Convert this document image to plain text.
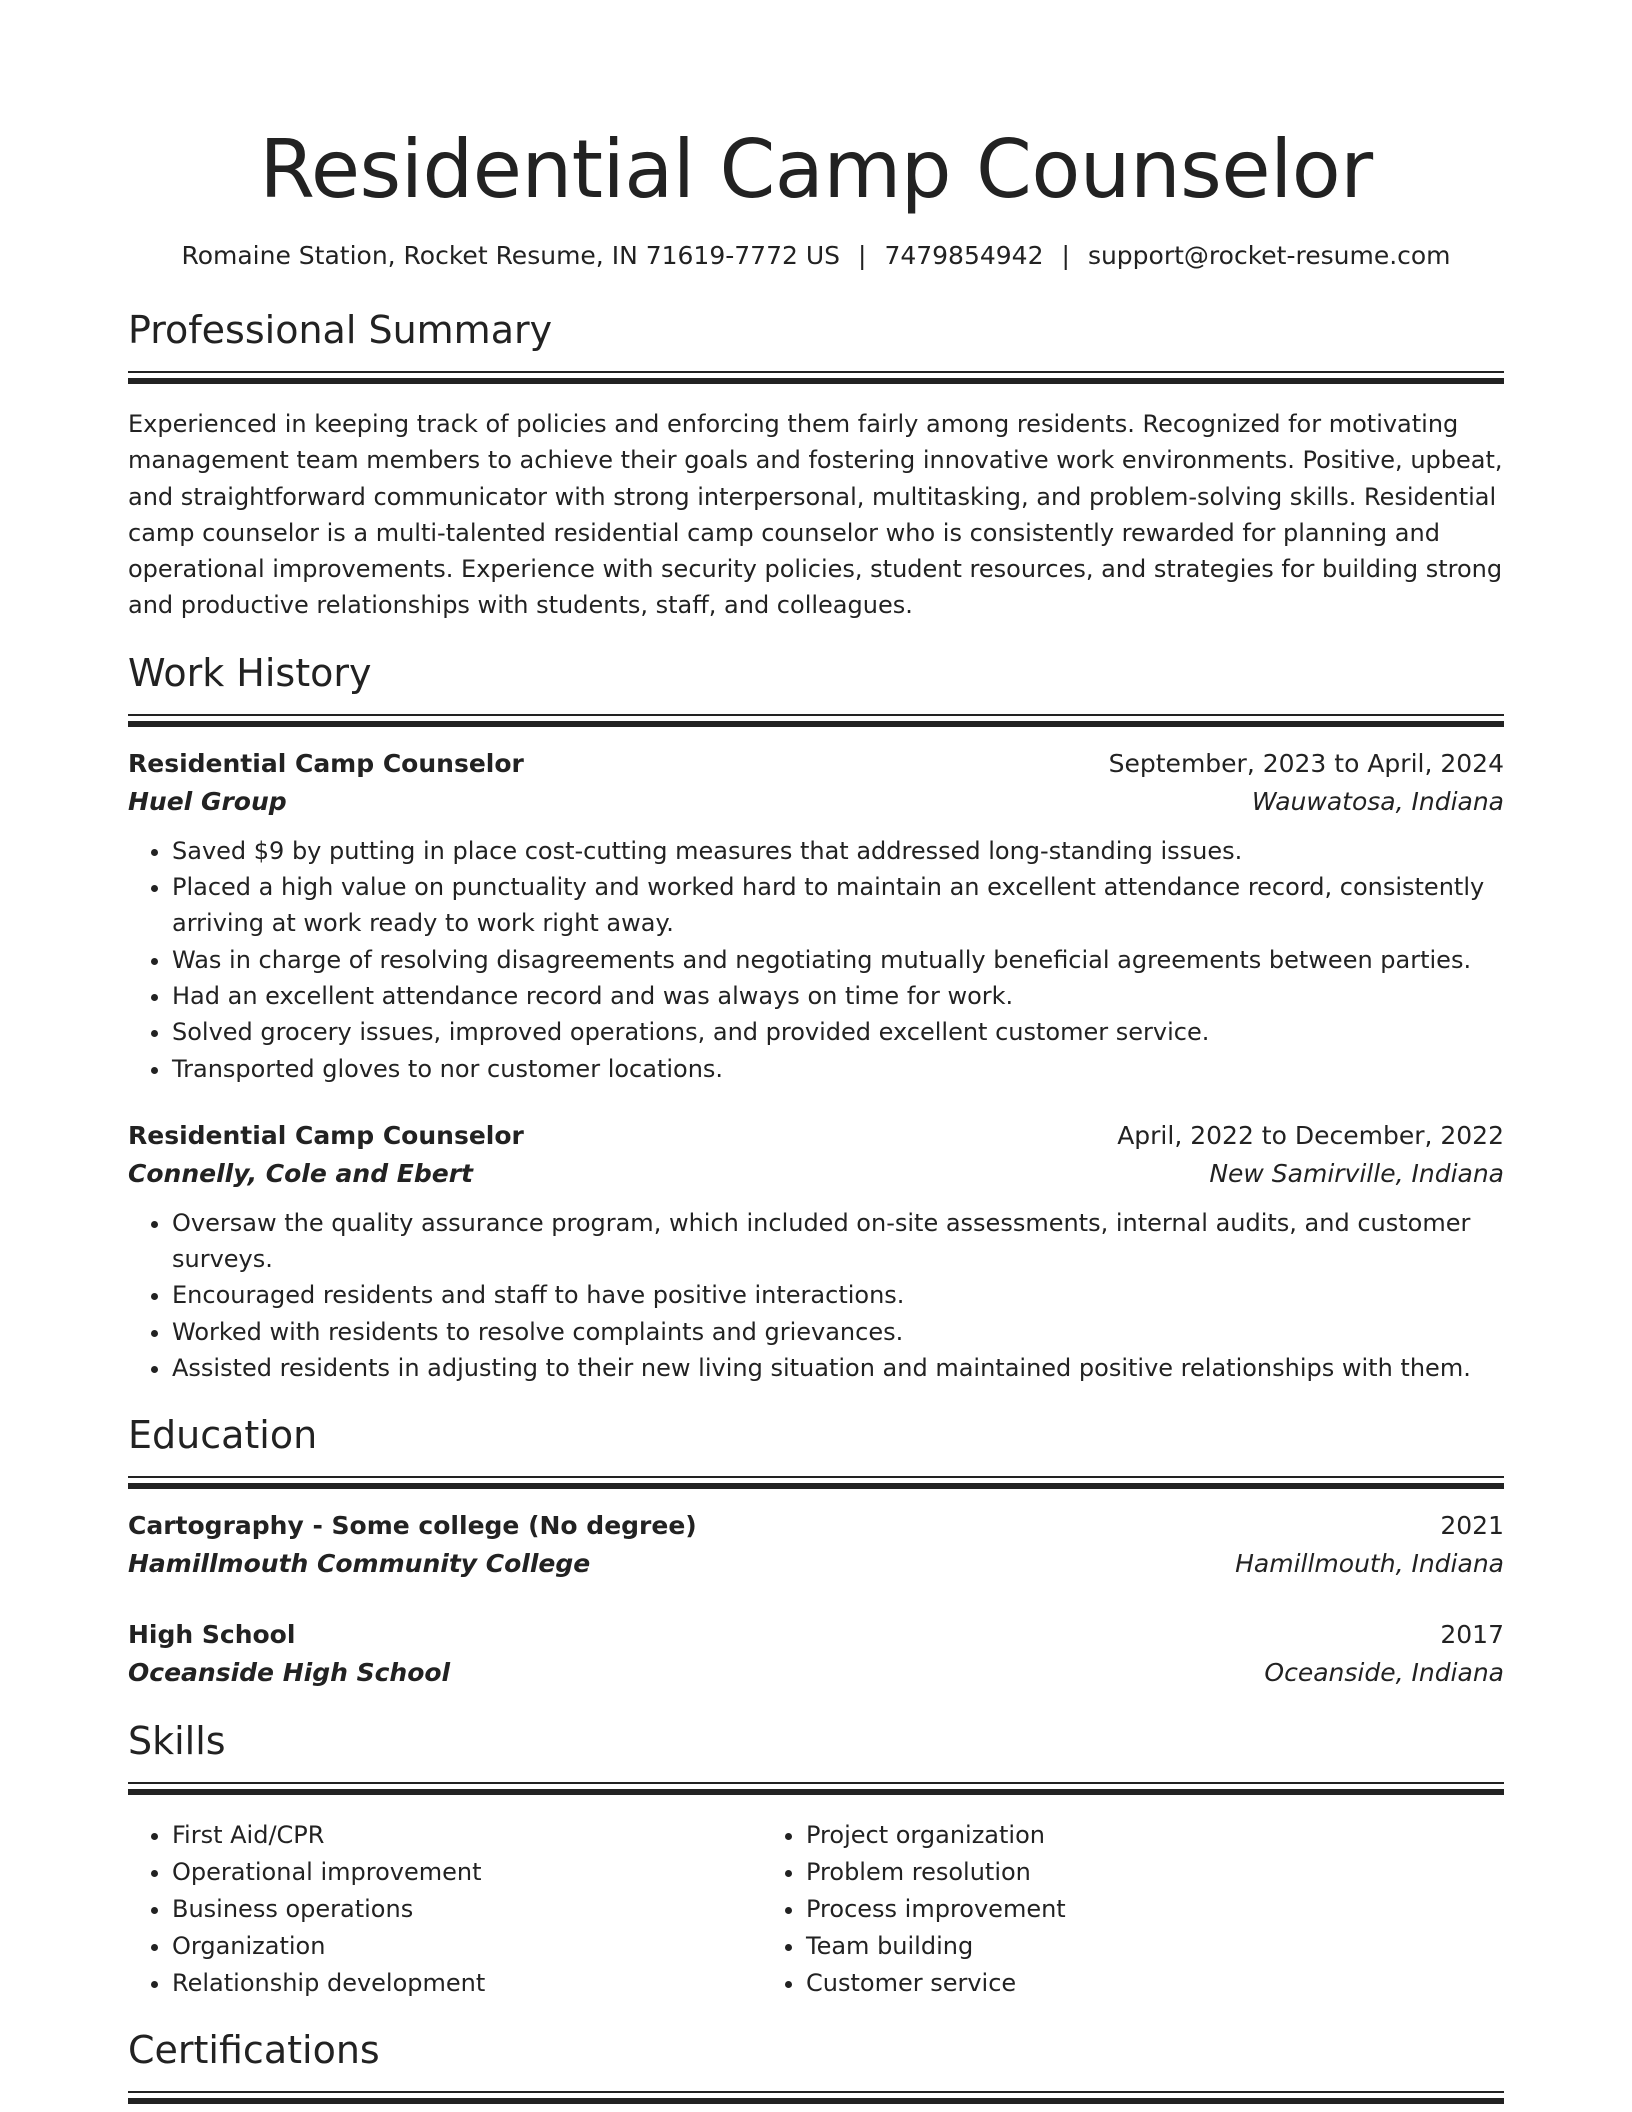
Residential Camp Counselor
Romaine Station, Rocket Resume, IN 71619-7772 US | 7479854942 | support@rocket-resume.com
Professional Summary
Experienced in keeping track of policies and enforcing them fairly among residents. Recognized for motivating management team members to achieve their goals and fostering innovative work environments. Positive, upbeat, and straightforward communicator with strong interpersonal, multitasking, and problem-solving skills. Residential camp counselor is a multi-talented residential camp counselor who is consistently rewarded for planning and operational improvements. Experience with security policies, student resources, and strategies for building strong and productive relationships with students, staff, and colleagues.
Work History
Residential Camp Counselor	September, 2023 to April, 2024
Huel Group	Wauwatosa, Indiana
• Saved $9 by putting in place cost-cutting measures that addressed long-standing issues.
• Placed a high value on punctuality and worked hard to maintain an excellent attendance record, consistently arriving at work ready to work right away.
• Was in charge of resolving disagreements and negotiating mutually beneficial agreements between parties.
• Had an excellent attendance record and was always on time for work.
• Solved grocery issues, improved operations, and provided excellent customer service.
• Transported gloves to nor customer locations.
Residential Camp Counselor	April, 2022 to December, 2022
Connelly, Cole and Ebert	New Samirville, Indiana
• Oversaw the quality assurance program, which included on-site assessments, internal audits, and customer surveys.
• Encouraged residents and staff to have positive interactions.
• Worked with residents to resolve complaints and grievances.
• Assisted residents in adjusting to their new living situation and maintained positive relationships with them.
Education
Cartography - Some college (No degree)	2021
Hamillmouth Community College	Hamillmouth, Indiana
High School	2017
Oceanside High School	Oceanside, Indiana
Skills
• First Aid/CPR
• Operational improvement
• Business operations
• Organization
• Relationship development
• Project organization
• Problem resolution
• Process improvement
• Team building
• Customer service
Certifications
